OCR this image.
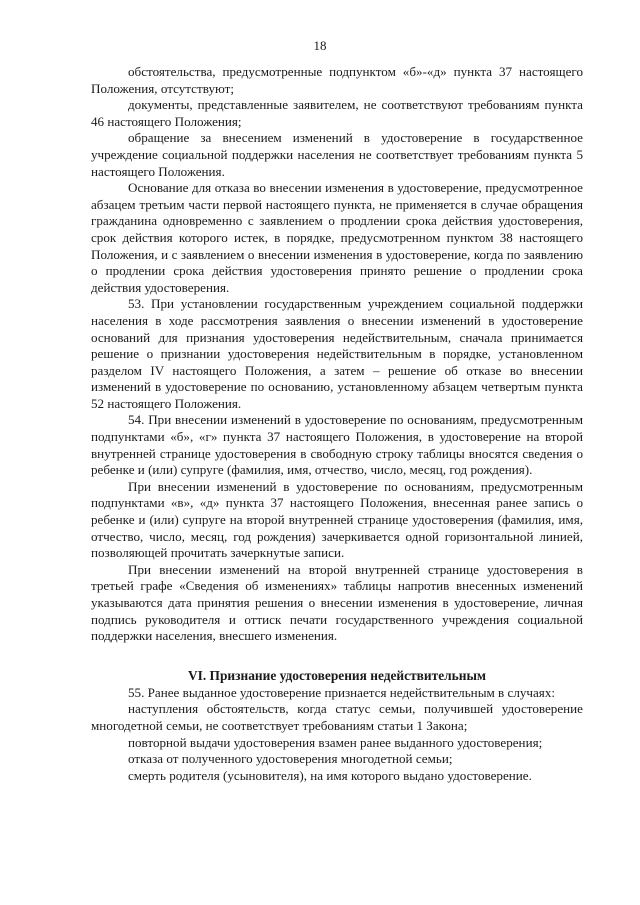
18

обстоятельства, предусмотренные подпунктом «б»-«д» пункта 37 настоящего Положения, отсутствуют;

документы, представленные заявителем, не соответствуют требованиям пункта 46 настоящего Положения;

обращение за внесением изменений в удостоверение в государственное учреждение социальной поддержки населения не соответствует требованиям пункта 5 настоящего Положения.

Основание для отказа во внесении изменения в удостоверение, предусмотренное абзацем третьим части первой настоящего пункта, не применяется в случае обращения гражданина одновременно с заявлением о продлении срока действия удостоверения, срок действия которого истек, в порядке, предусмотренном пунктом 38 настоящего Положения, и с заявлением о внесении изменения в удостоверение, когда по заявлению о продлении срока действия удостоверения принято решение о продлении срока действия удостоверения.

53. При установлении государственным учреждением социальной поддержки населения в ходе рассмотрения заявления о внесении изменений в удостоверение оснований для признания удостоверения недействительным, сначала принимается решение о признании удостоверения недействительным в порядке, установленном разделом IV настоящего Положения, а затем – решение об отказе во внесении изменений в удостоверение по основанию, установленному абзацем четвертым пункта 52 настоящего Положения.

54. При внесении изменений в удостоверение по основаниям, предусмотренным подпунктами «б», «г» пункта 37 настоящего Положения, в удостоверение на второй внутренней странице удостоверения в свободную строку таблицы вносятся сведения о ребенке и (или) супруге (фамилия, имя, отчество, число, месяц, год рождения).

При внесении изменений в удостоверение по основаниям, предусмотренным подпунктами «в», «д» пункта 37 настоящего Положения, внесенная ранее запись о ребенке и (или) супруге на второй внутренней странице удостоверения (фамилия, имя, отчество, число, месяц, год рождения) зачеркивается одной горизонтальной линией, позволяющей прочитать зачеркнутые записи.

При внесении изменений на второй внутренней странице удостоверения в третьей графе «Сведения об изменениях» таблицы напротив внесенных изменений указываются дата принятия решения о внесении изменения в удостоверение, личная подпись руководителя и оттиск печати государственного учреждения социальной поддержки населения, внесшего изменения.

VI. Признание удостоверения недействительным

55. Ранее выданное удостоверение признается недействительным в случаях:

наступления обстоятельств, когда статус семьи, получившей удостоверение многодетной семьи, не соответствует требованиям статьи 1 Закона;

повторной выдачи удостоверения взамен ранее выданного удостоверения;

отказа от полученного удостоверения многодетной семьи;

смерть родителя (усыновителя), на имя которого выдано удостоверение.
